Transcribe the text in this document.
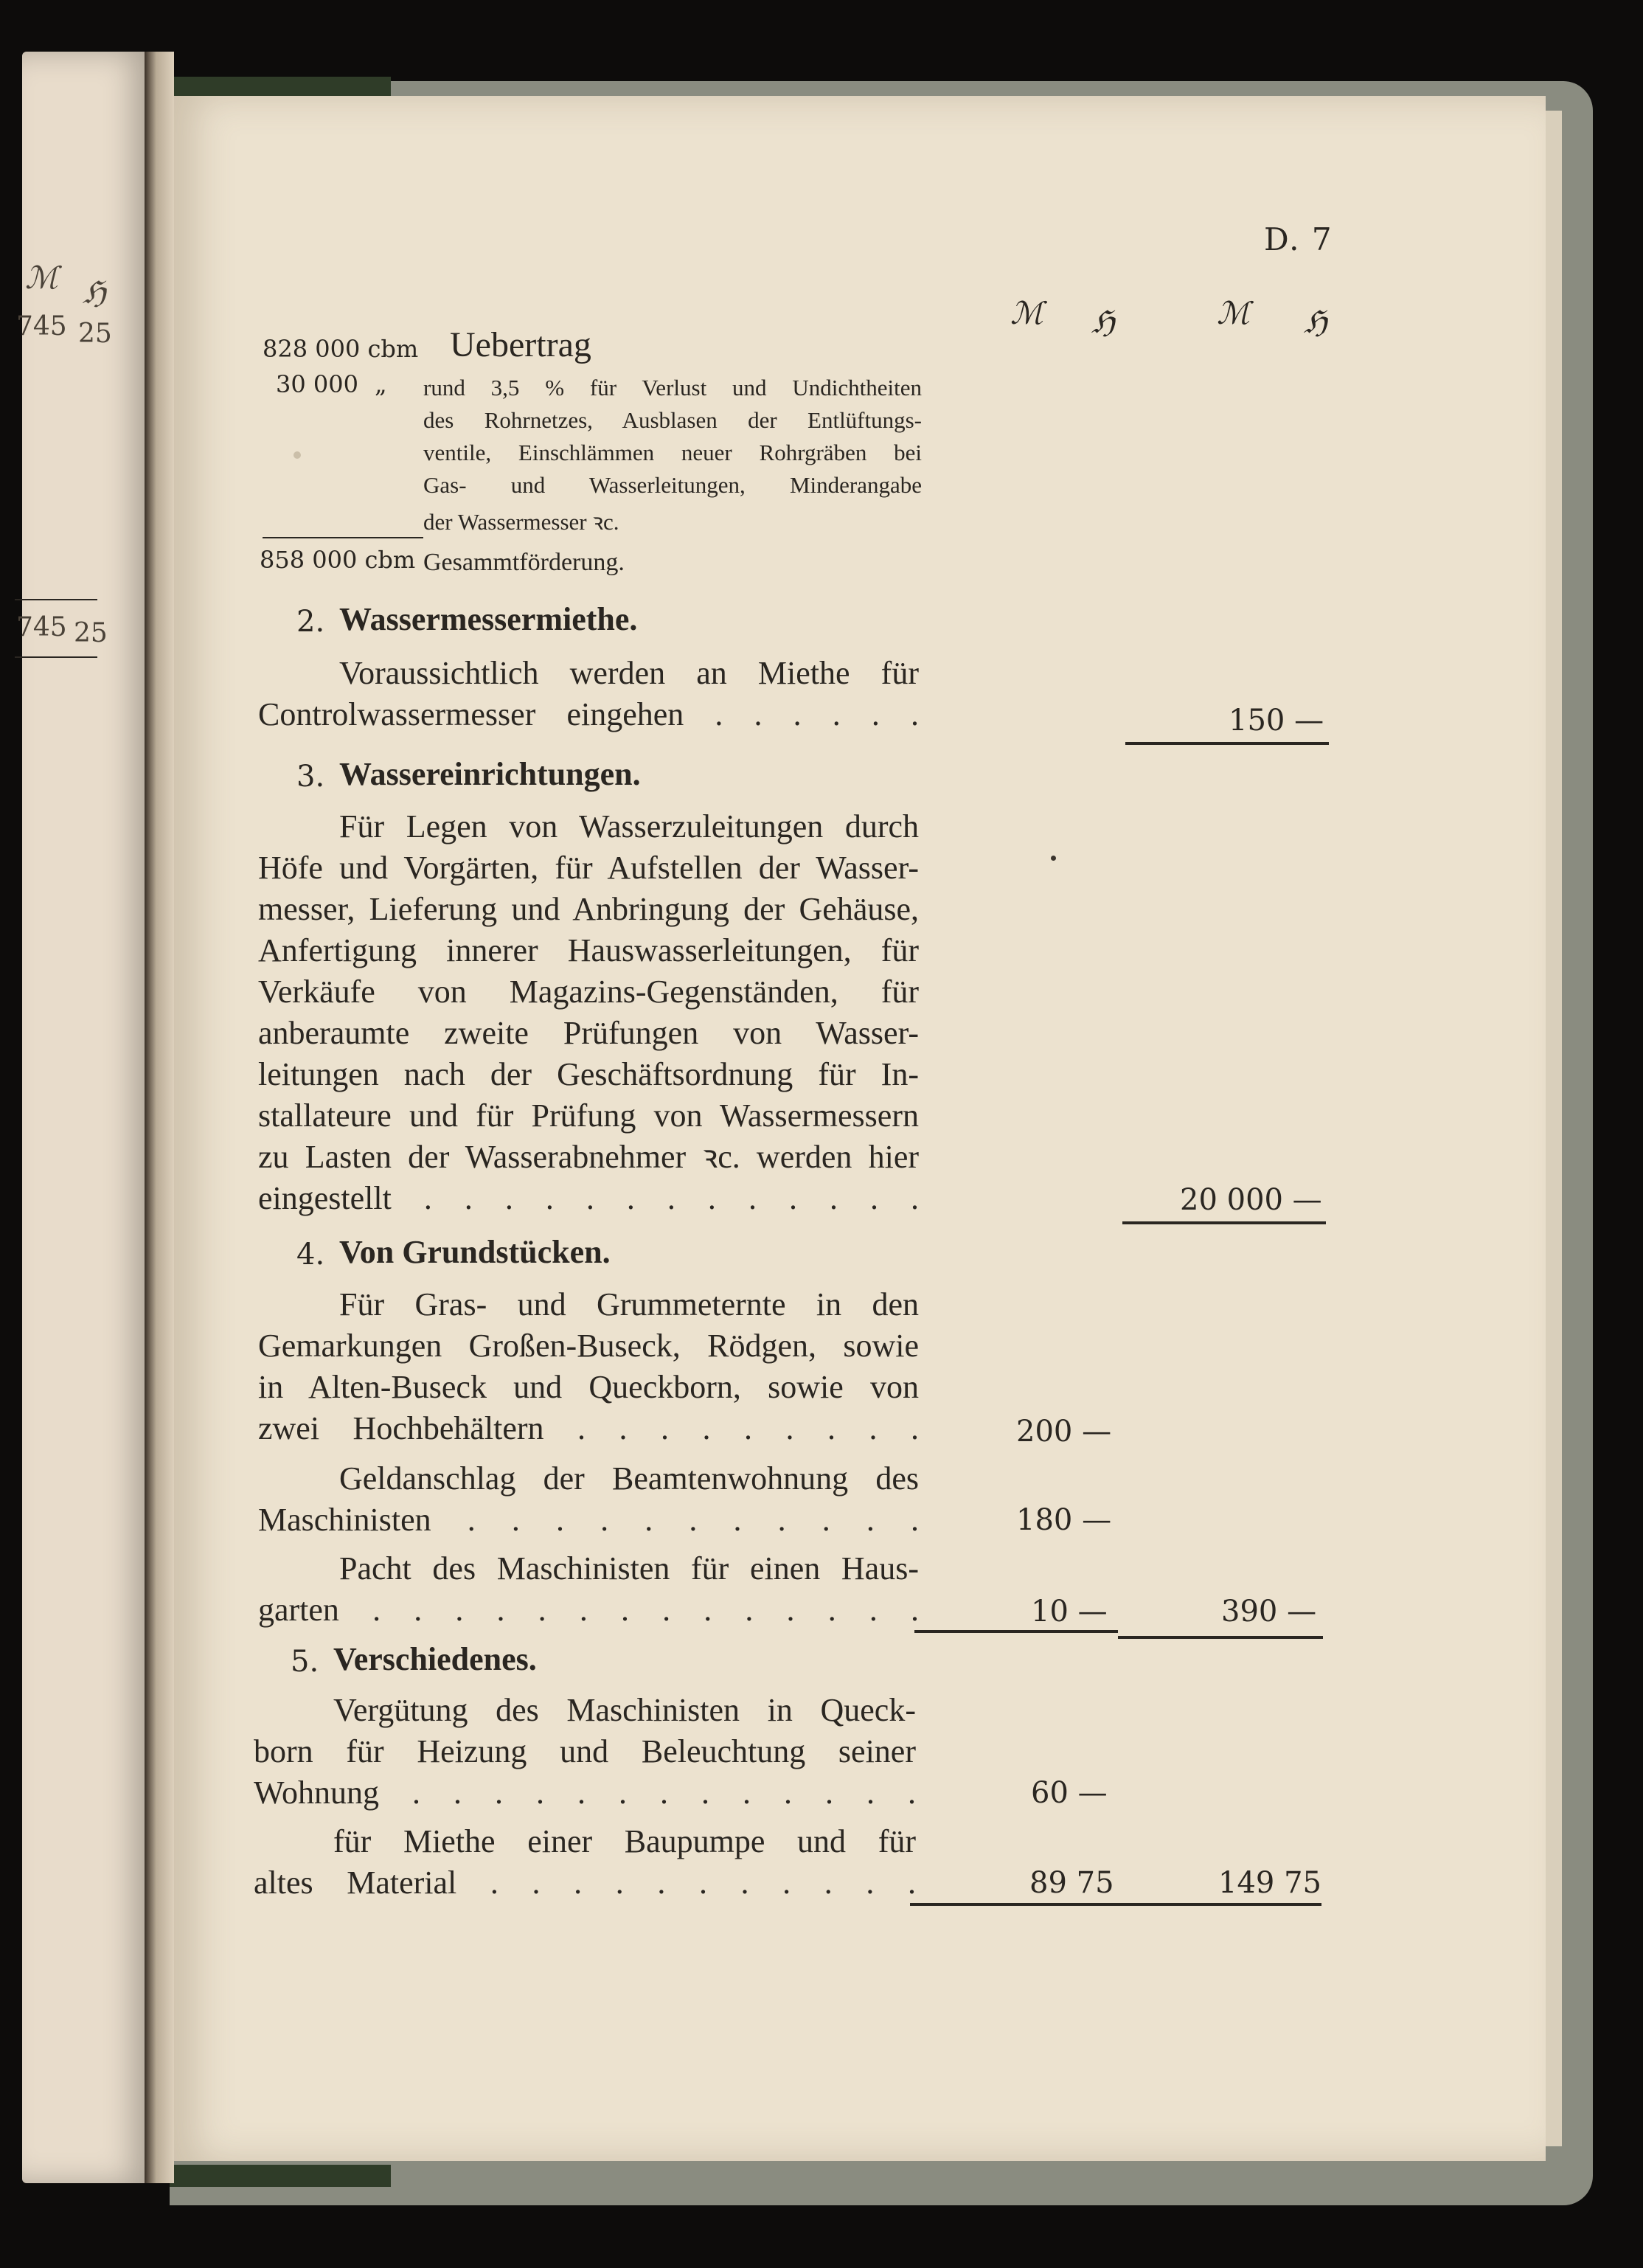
ℳ ℌ
745 25
745 25
D. 7
ℳ ℌ	ℳ ℌ
828 000 cbm Uebertrag
30 000 „ rund 3,5 % für Verlust und Undichtheiten
des Rohrnetzes, Ausblasen der Entlüftungs-
ventile, Einschlämmen neuer Rohrgräben bei
Gas- und Wasserleitungen, Minderangabe
der Wassermesser ꝛc.
858 000 cbm Gesammtförderung.
2. Wassermessermiethe.
Voraussichtlich werden an Miethe für
Controlwassermesser eingehen . . . . . .	150 —
3. Wassereinrichtungen.
Für Legen von Wasserzuleitungen durch
Höfe und Vorgärten, für Aufstellen der Wasser-
messer, Lieferung und Anbringung der Gehäuse,
Anfertigung innerer Hauswasserleitungen, für
Verkäufe von Magazins-Gegenständen, für
anberaumte zweite Prüfungen von Wasser-
leitungen nach der Geschäftsordnung für In-
stallateure und für Prüfung von Wassermessern
zu Lasten der Wasserabnehmer ꝛc. werden hier
eingestellt . . . . . . . . . . . . .	20 000 —
4. Von Grundstücken.
Für Gras- und Grummeternte in den
Gemarkungen Großen-Buseck, Rödgen, sowie
in Alten-Buseck und Queckborn, sowie von
zwei Hochbehältern . . . . . . . . .	200 —
Geldanschlag der Beamtenwohnung des
Maschinisten . . . . . . . . . . .	180 —
Pacht des Maschinisten für einen Haus-
garten . . . . . . . . . . . . . .	10 —	390 —
5. Verschiedenes.
Vergütung des Maschinisten in Queck-
born für Heizung und Beleuchtung seiner
Wohnung . . . . . . . . . . . . .	60 —
für Miethe einer Baupumpe und für
altes Material . . . . . . . . . . .	89 75	149 75
